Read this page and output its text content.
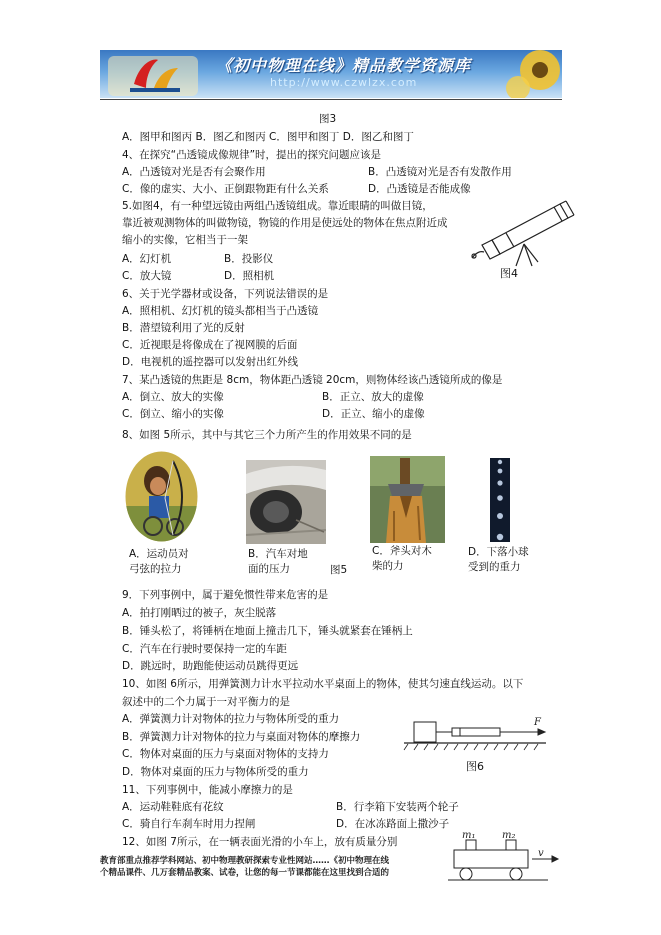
《初中物理在线》精品教学资源库
http://www.czwlzx.com
图3
A．图甲和图丙 B．图乙和图丙 C．图甲和图丁 D．图乙和图丁
4、在探究“凸透镜成像规律”时，提出的探究问题应该是
A．凸透镜对光是否有会聚作用	B．凸透镜对光是否有发散作用
C．像的虚实、大小、正倒跟物距有什么关系	D．凸透镜是否能成像
5.如图4，有一种望远镜由两组凸透镜组成。靠近眼睛的叫做目镜，
靠近被观测物体的叫做物镜，物镜的作用是使远处的物体在焦点附近成
缩小的实像，它相当于一架
A．幻灯机	B．投影仪
C．放大镜	D．照相机	图4
6、关于光学器材或设备，下列说法错误的是
A．照相机、幻灯机的镜头都相当于凸透镜
B．潜望镜利用了光的反射
C．近视眼是将像成在了视网膜的后面
D．电视机的遥控器可以发射出红外线
7、某凸透镜的焦距是 8cm，物体距凸透镜 20cm，则物体经该凸透镜所成的像是
A．倒立、放大的实像	B．正立、放大的虚像
C．倒立、缩小的实像	D．正立、缩小的虚像
8、如图 5所示，其中与其它三个力所产生的作用效果不同的是
A．运动员对
弓弦的拉力
B．汽车对地
面的压力	图5
C．斧头对木
柴的力
D．下落小球
受到的重力
9．下列事例中，属于避免惯性带来危害的是
A．拍打刚晒过的被子，灰尘脱落
B．锤头松了，将锤柄在地面上撞击几下，锤头就紧套在锤柄上
C．汽车在行驶时要保持一定的车距
D．跳远时，助跑能使运动员跳得更远
10、如图 6所示，用弹簧测力计水平拉动水平桌面上的物体，使其匀速直线运动。以下
叙述中的二个力属于一对平衡力的是
A．弹簧测力计对物体的拉力与物体所受的重力
B．弹簧测力计对物体的拉力与桌面对物体的摩擦力
C．物体对桌面的压力与桌面对物体的支持力
D．物体对桌面的压力与物体所受的重力	图6
11、下列事例中，能减小摩擦力的是
A．运动鞋鞋底有花纹	B．行李箱下安装两个轮子
C．骑自行车刹车时用力捏闸	D．在冰冻路面上撒沙子
12、如图 7所示，在一辆表面光滑的小车上，放有质量分别
F
m₁	m₂
v
教育部重点推荐学科网站、初中物理教研探索专业性网站……《初中物理在线
个精品课件、几万套精品教案、试卷，让您的每一节课都能在这里找到合适的
